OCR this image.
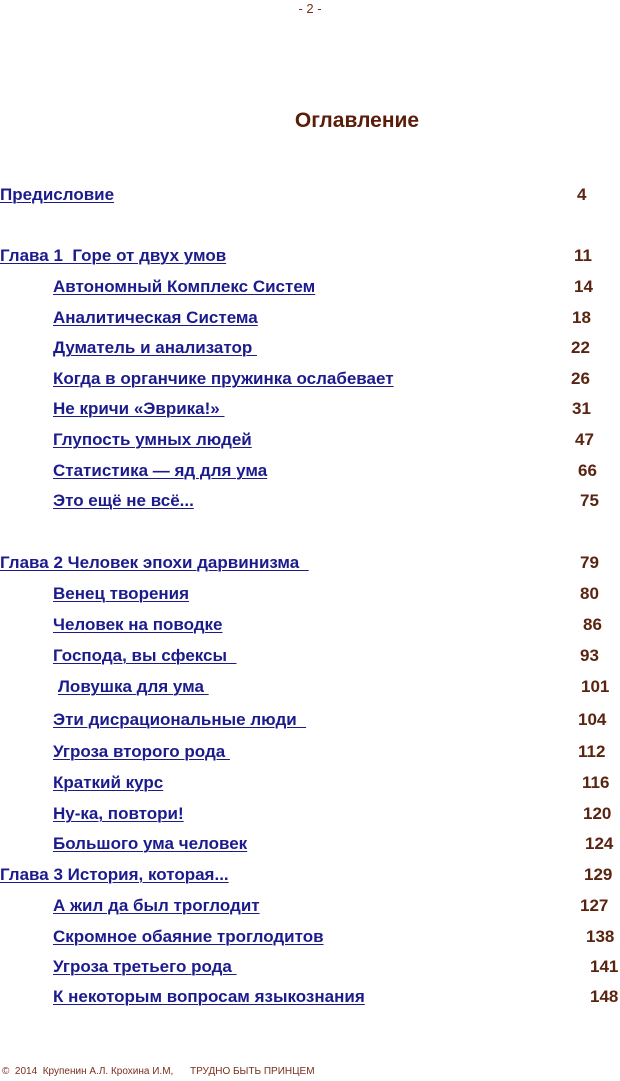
- 2 -
Оглавление
Предисловие	4
Глава 1  Горе от двух умов	11
Автономный Комплекс Систем	14
Аналитическая Система	18
Думатель и анализатор	22
Когда в органчике пружинка ослабевает	26
Не кричи «Эврика!»	31
Глупость умных людей	47
Статистика — яд для ума	66
Это ещё не всё...	75
Глава 2 Человек эпохи дарвинизма	79
Венец творения	80
Человек на поводке	86
Господа, вы сфексы	93
Ловушка для ума	101
Эти дисрациональные люди	104
Угроза второго рода	112
Краткий курс	116
Ну-ка, повтори!	120
Большого ума человек	124
Глава 3 История, которая...	129
А жил да был троглодит	127
Скромное обаяние троглодитов	138
Угроза третьего рода	141
К некоторым вопросам языкознания	148
©  2014  Крупенин А.Л. Крохина И.М,      ТРУДНО БЫТЬ ПРИНЦЕМ
